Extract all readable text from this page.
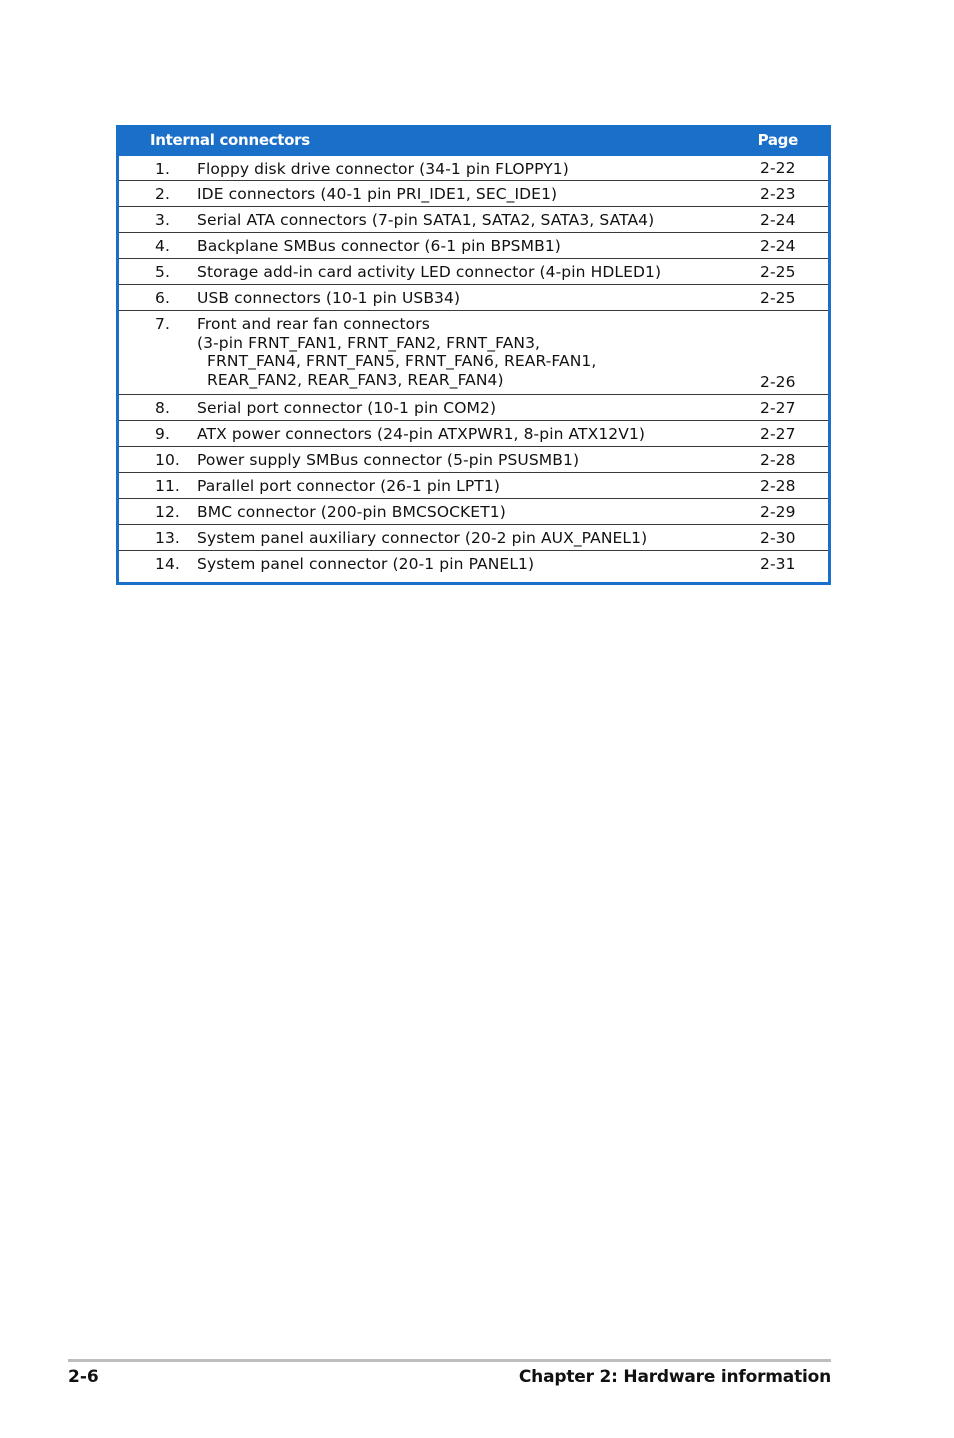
Internal connectors	Page
1. Floppy disk drive connector (34-1 pin FLOPPY1)	2-22
2. IDE connectors (40-1 pin PRI_IDE1, SEC_IDE1)	2-23
3. Serial ATA connectors (7-pin SATA1, SATA2, SATA3, SATA4)	2-24
4. Backplane SMBus connector (6-1 pin BPSMB1)	2-24
5. Storage add-in card activity LED connector (4-pin HDLED1)	2-25
6. USB connectors (10-1 pin USB34)	2-25
7. Front and rear fan connectors
(3-pin FRNT_FAN1, FRNT_FAN2, FRNT_FAN3,
FRNT_FAN4, FRNT_FAN5, FRNT_FAN6, REAR-FAN1,
REAR_FAN2, REAR_FAN3, REAR_FAN4)	2-26
8. Serial port connector (10-1 pin COM2)	2-27
9. ATX power connectors (24-pin ATXPWR1, 8-pin ATX12V1)	2-27
10. Power supply SMBus connector (5-pin PSUSMB1)	2-28
11. Parallel port connector (26-1 pin LPT1)	2-28
12. BMC connector (200-pin BMCSOCKET1)	2-29
13. System panel auxiliary connector (20-2 pin AUX_PANEL1)	2-30
14. System panel connector (20-1 pin PANEL1)	2-31
2-6	Chapter 2: Hardware information
